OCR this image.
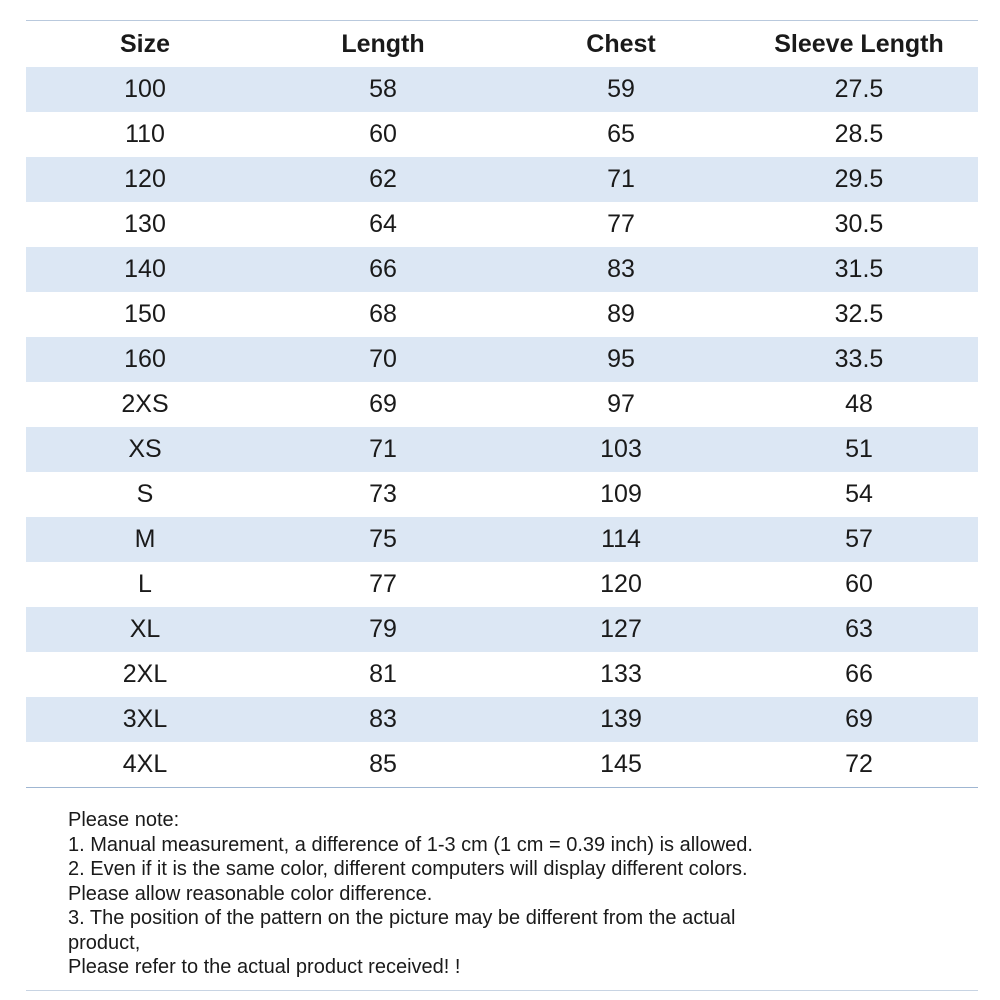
Size	Length	Chest	Sleeve Length
100	58	59	27.5
110	60	65	28.5
120	62	71	29.5
130	64	77	30.5
140	66	83	31.5
150	68	89	32.5
160	70	95	33.5
2XS	69	97	48
XS	71	103	51
S	73	109	54
M	75	114	57
L	77	120	60
XL	79	127	63
2XL	81	133	66
3XL	83	139	69
4XL	85	145	72
Please note:
1. Manual measurement, a difference of 1-3 cm (1 cm = 0.39 inch) is allowed.
2. Even if it is the same color, different computers will display different colors.
Please allow reasonable color difference.
3. The position of the pattern on the picture may be different from the actual
product,
Please refer to the actual product received! !
